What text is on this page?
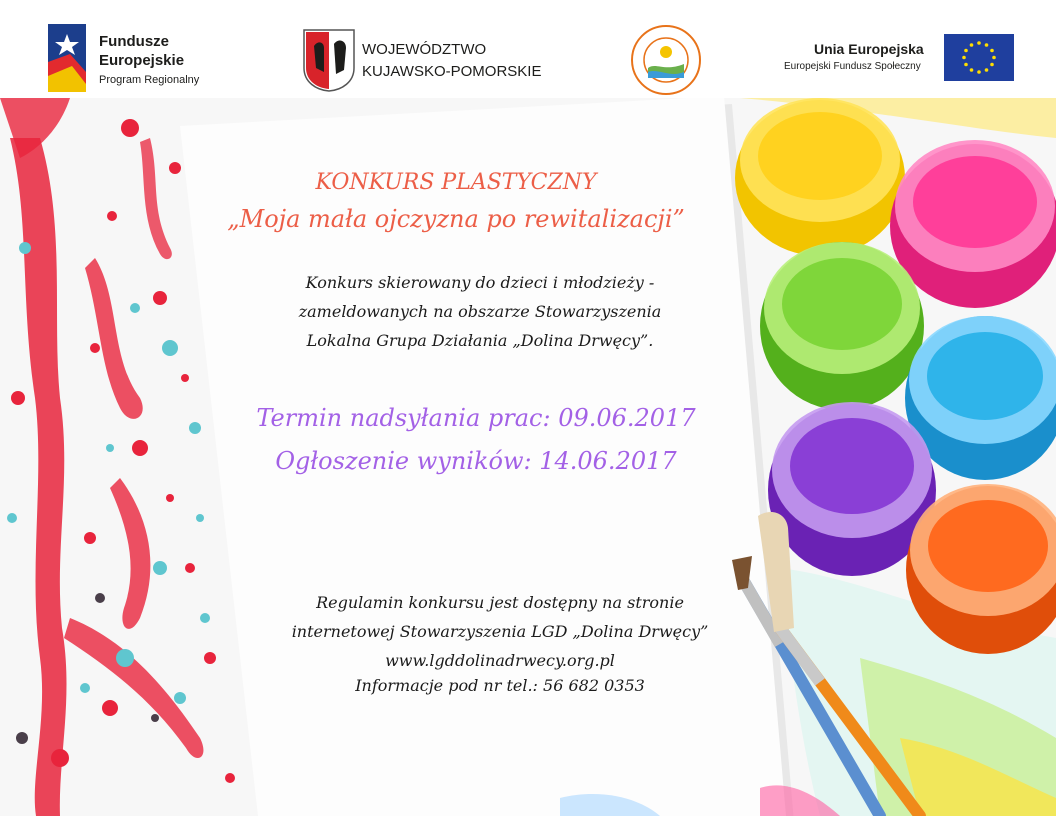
Fundusze
Europejskie
Program Regionalny
WOJEWÓDZTWO
KUJAWSKO-POMORSKIE
Unia Europejska
Europejski Fundusz Społeczny
KONKURS PLASTYCZNY
„Moja mała ojczyzna po rewitalizacji”
Konkurs skierowany do dzieci i młodzieży -
zameldowanych na obszarze Stowarzyszenia
Lokalna Grupa Działania „Dolina Drwęcy”.
Termin nadsyłania prac: 09.06.2017
Ogłoszenie wyników: 14.06.2017
Regulamin konkursu jest dostępny na stronie
internetowej Stowarzyszenia LGD „Dolina Drwęcy”
www.lgddolinadrwecy.org.pl
Informacje pod nr tel.: 56 682 0353
